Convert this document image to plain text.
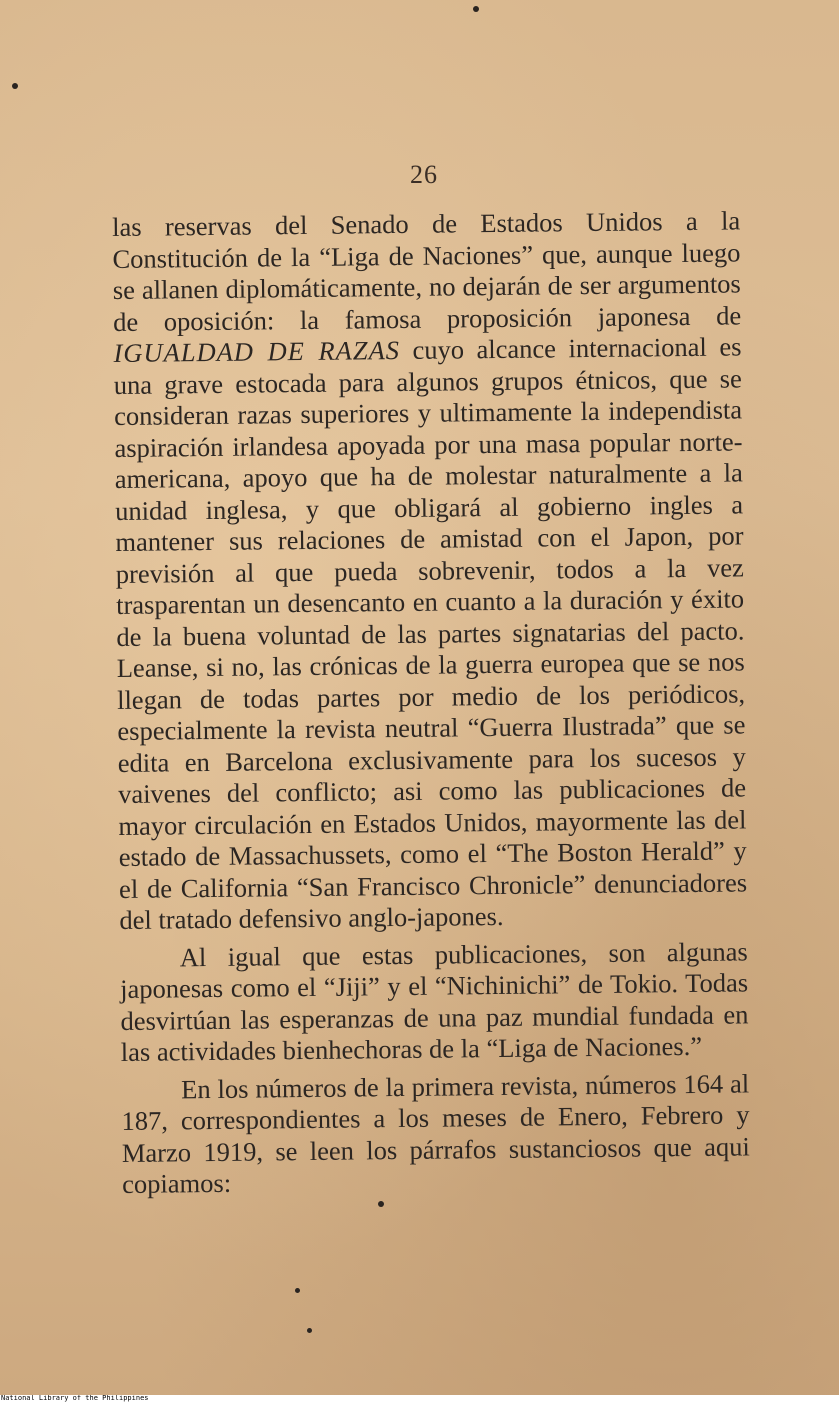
26

las reservas del Senado de Estados Unidos a la Constitución de la “Liga de Naciones” que, aunque luego se allanen diplomáticamente, no dejarán de ser argumentos de oposición: la famosa proposición japonesa de IGUALDAD DE RAZAS cuyo alcance internacional es una grave estocada para algunos grupos étnicos, que se consideran razas superiores y ultimamente la independista aspiración irlandesa apoyada por una masa popular norte-americana, apoyo que ha de molestar naturalmente a la unidad inglesa, y que obligará al gobierno ingles a mantener sus relaciones de amistad con el Japon, por previsión al que pueda sobrevenir, todos a la vez trasparentan un desencanto en cuanto a la duración y éxito de la buena voluntad de las partes signatarias del pacto. Leanse, si no, las crónicas de la guerra europea que se nos llegan de todas partes por medio de los periódicos, especialmente la revista neutral “Guerra Ilustrada” que se edita en Barcelona exclusivamente para los sucesos y vaivenes del conflicto; asi como las publicaciones de mayor circulación en Estados Unidos, mayormente las del estado de Massachussets, como el “The Boston Herald” y el de California “San Francisco Chronicle” denunciadores del tratado defensivo anglo-japones.

Al igual que estas publicaciones, son algunas japonesas como el “Jiji” y el “Nichinichi” de Tokio. Todas desvirtúan las esperanzas de una paz mundial fundada en las actividades bienhechoras de la “Liga de Naciones.”

En los números de la primera revista, números 164 al 187, correspondientes a los meses de Enero, Febrero y Marzo 1919, se leen los párrafos sustanciosos que aqui copiamos:

National Library of the Philippines
